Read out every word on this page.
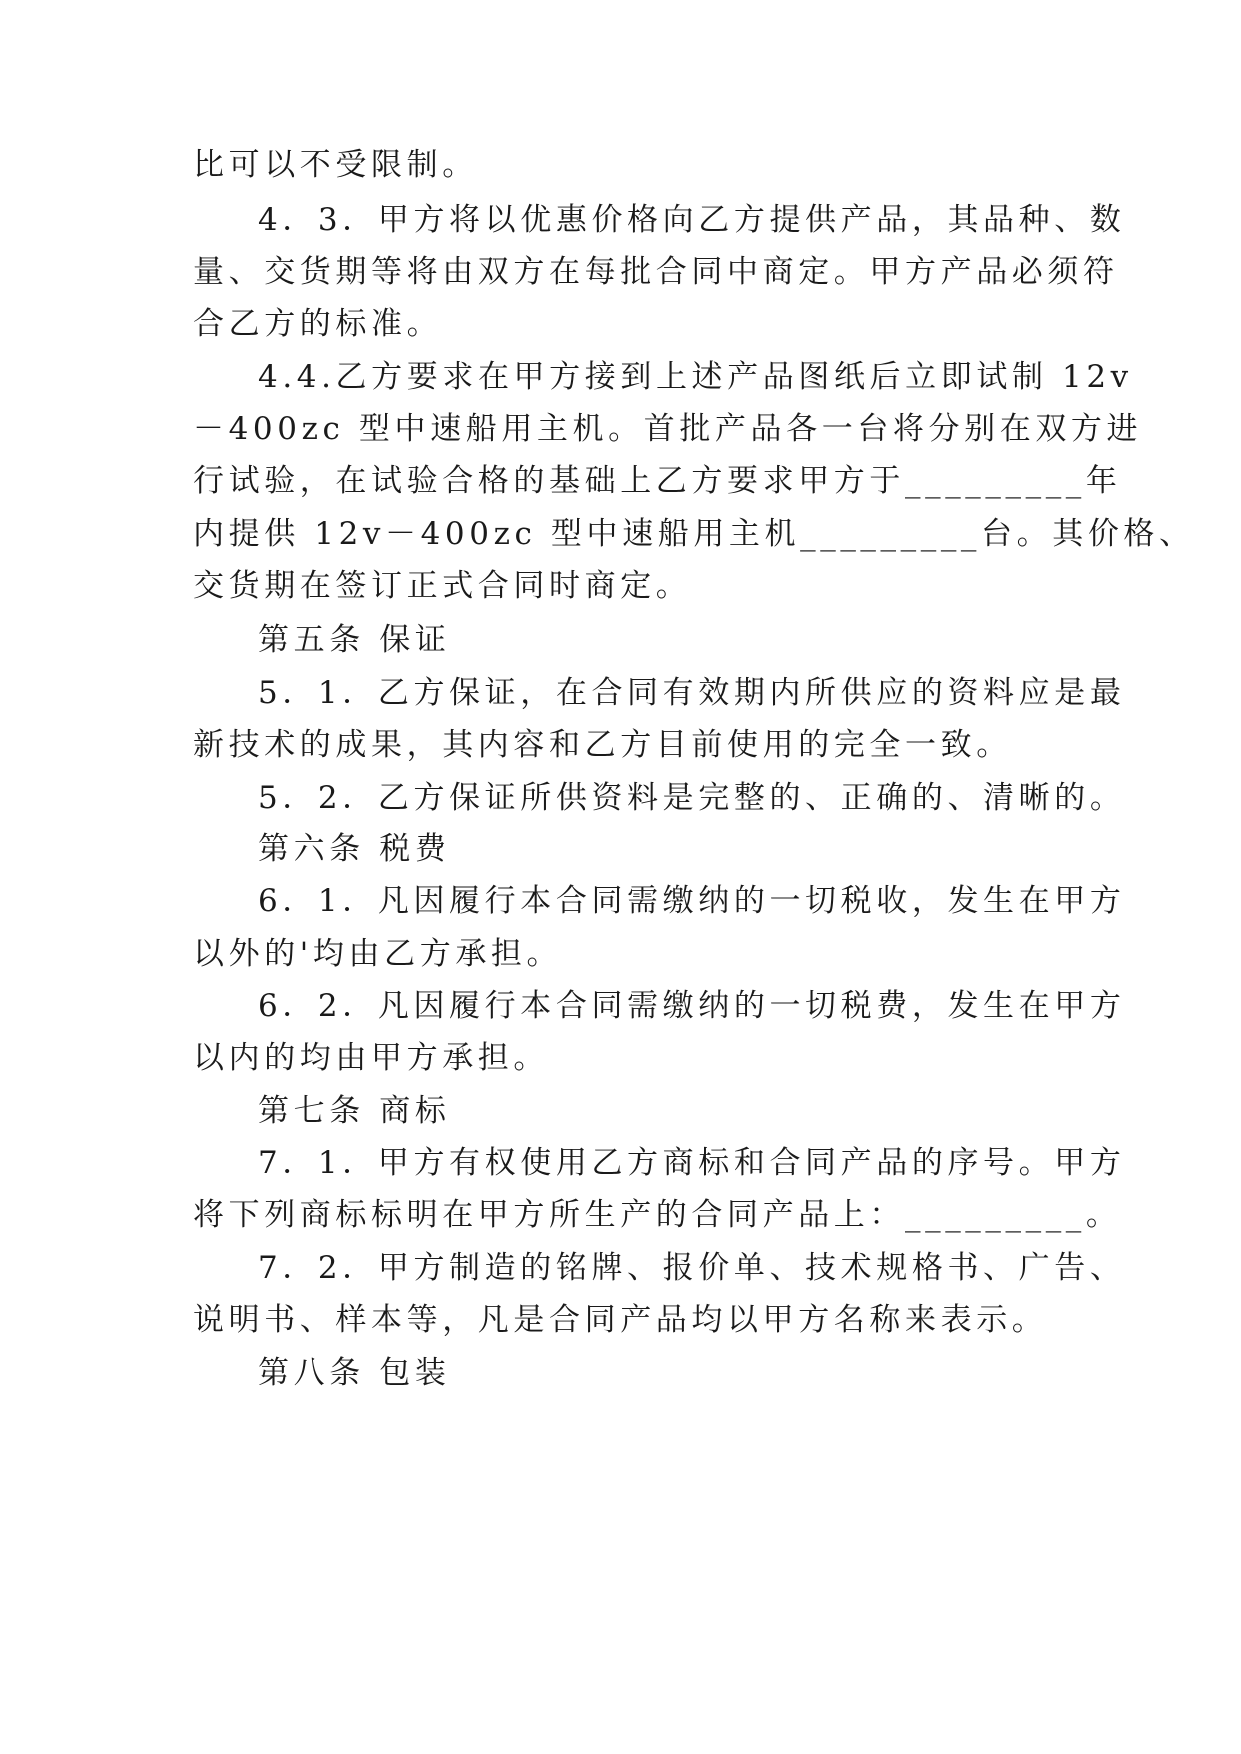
比可以不受限制。
4．3．甲方将以优惠价格向乙方提供产品，其品种、数
量、交货期等将由双方在每批合同中商定。甲方产品必须符
合乙方的标准。
4.4.乙方要求在甲方接到上述产品图纸后立即试制 12v
－400zc 型中速船用主机。首批产品各一台将分别在双方进
行试验，在试验合格的基础上乙方要求甲方于_________年
内提供 12v－400zc 型中速船用主机_________台。其价格、
交货期在签订正式合同时商定。
第五条 保证
5．1．乙方保证，在合同有效期内所供应的资料应是最
新技术的成果，其内容和乙方目前使用的完全一致。
5．2．乙方保证所供资料是完整的、正确的、清晰的。
第六条 税费
6．1．凡因履行本合同需缴纳的一切税收，发生在甲方
以外的'均由乙方承担。
6．2．凡因履行本合同需缴纳的一切税费，发生在甲方
以内的均由甲方承担。
第七条 商标
7．1．甲方有权使用乙方商标和合同产品的序号。甲方
将下列商标标明在甲方所生产的合同产品上：_________。
7．2．甲方制造的铭牌、报价单、技术规格书、广告、
说明书、样本等，凡是合同产品均以甲方名称来表示。
第八条 包装
